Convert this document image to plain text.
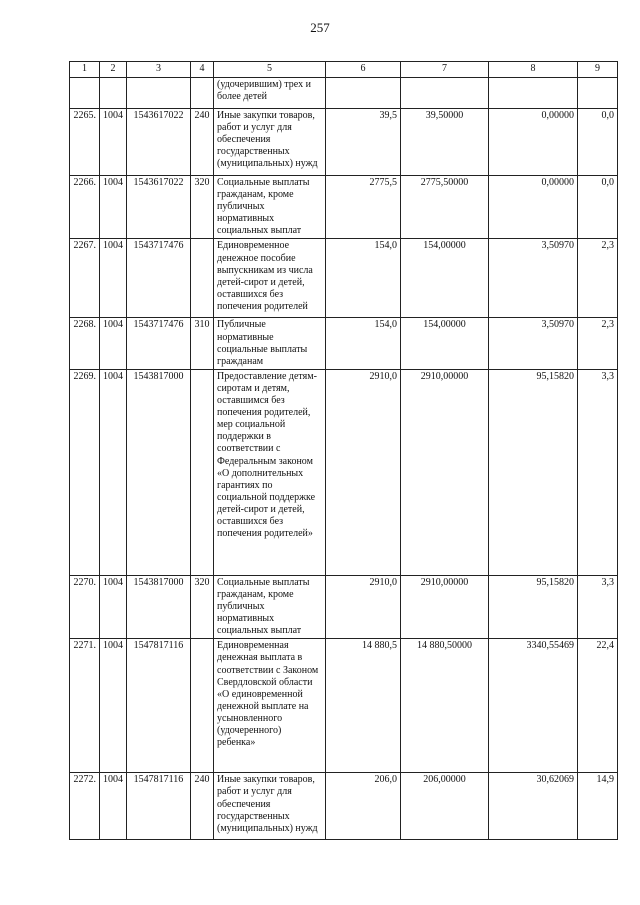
257
1	2	3	4	5	6	7	8	9
				(удочерившим) трех и более детей				
2265.	1004	1543617022	240	Иные закупки товаров, работ и услуг для обеспечения государственных (муниципальных) нужд	39,5	39,50000	0,00000	0,0
2266.	1004	1543617022	320	Социальные выплаты гражданам, кроме публичных нормативных социальных выплат	2775,5	2775,50000	0,00000	0,0
2267.	1004	1543717476		Единовременное денежное пособие выпускникам из числа детей-сирот и детей, оставшихся без попечения родителей	154,0	154,00000	3,50970	2,3
2268.	1004	1543717476	310	Публичные нормативные социальные выплаты гражданам	154,0	154,00000	3,50970	2,3
2269.	1004	1543817000		Предоставление детям-сиротам и детям, оставшимся без попечения родителей, мер социальной поддержки в соответствии с Федеральным законом «О дополнительных гарантиях по социальной поддержке детей-сирот и детей, оставшихся без попечения родителей»	2910,0	2910,00000	95,15820	3,3
2270.	1004	1543817000	320	Социальные выплаты гражданам, кроме публичных нормативных социальных выплат	2910,0	2910,00000	95,15820	3,3
2271.	1004	1547817116		Единовременная денежная выплата в соответствии с Законом Свердловской области «О единовременной денежной выплате на усыновленного (удочеренного) ребенка»	14 880,5	14 880,50000	3340,55469	22,4
2272.	1004	1547817116	240	Иные закупки товаров, работ и услуг для обеспечения государственных (муниципальных) нужд	206,0	206,00000	30,62069	14,9
